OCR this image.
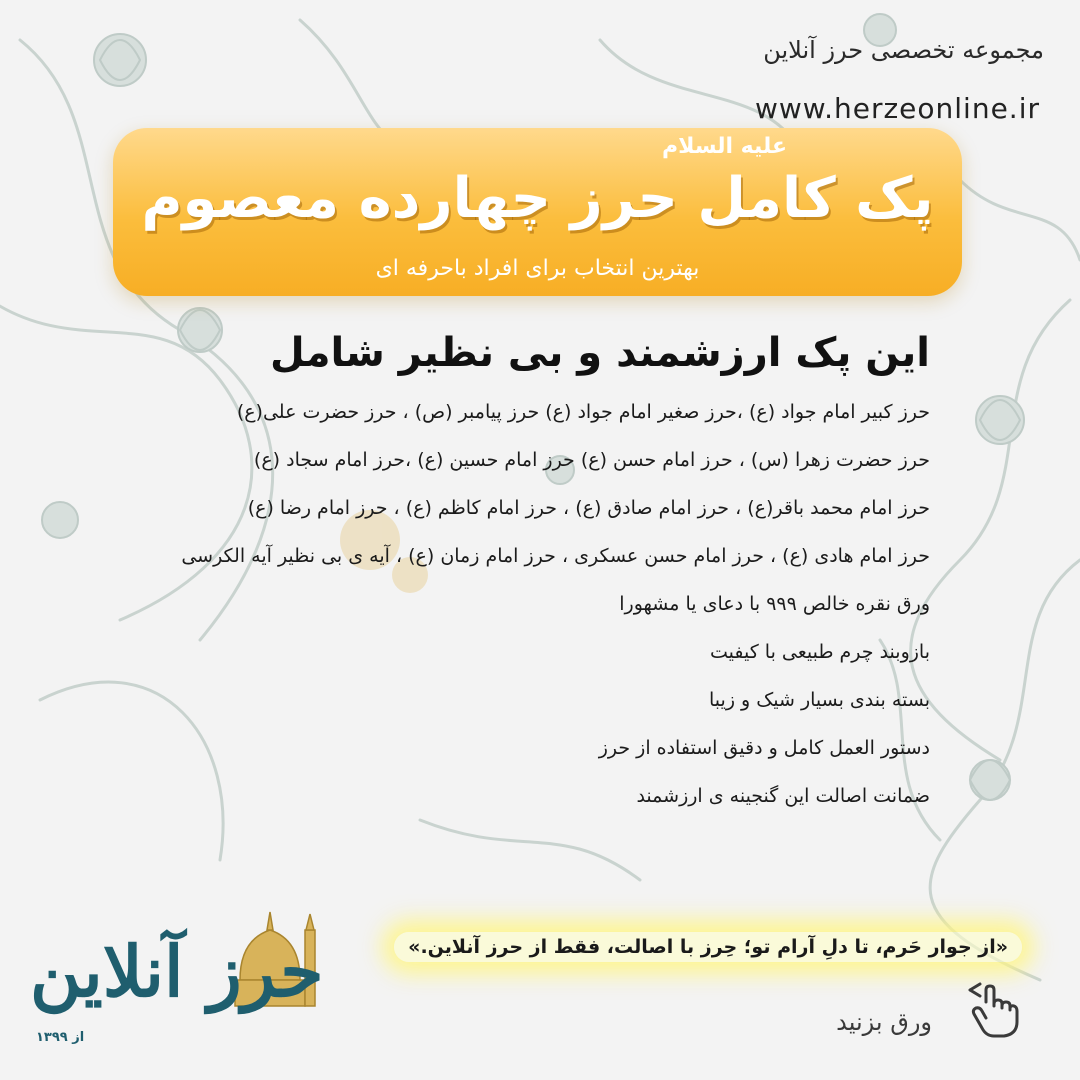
مجموعه تخصصی حرز آنلاین
www.herzeonline.ir
علیه السلام
پک کامل حرز چهارده معصوم
بهترین انتخاب برای افراد باحرفه ای
این پک ارزشمند و بی نظیر شامل
حرز کبیر امام جواد (ع) ،حرز صغیر امام جواد (ع) حرز پیامبر (ص) ، حرز حضرت علی(ع)
حرز حضرت زهرا (س) ، حرز امام حسن (ع) حرز امام حسین (ع) ،حرز امام سجاد (ع)
حرز امام محمد باقر(ع) ، حرز امام صادق (ع) ، حرز امام کاظم (ع) ، حرز امام رضا (ع)
حرز امام هادی (ع) ، حرز امام حسن عسکری ، حرز امام زمان (ع) ، آیه ی بی نظیر آیه الکرسی
ورق نقره خالص ۹۹۹ با دعای یا مشهورا
بازوبند چرم طبیعی با کیفیت
بسته بندی بسیار شیک و زیبا
دستور العمل کامل و دقیق استفاده از حرز
ضمانت اصالت این گنجینه ی ارزشمند
«از جوار حَرم، تا دلِ آرام تو؛ حِرز با اصالت، فقط از حرز آنلاین.»
ورق بزنید
حرز آنلاین
از ۱۳۹۹
